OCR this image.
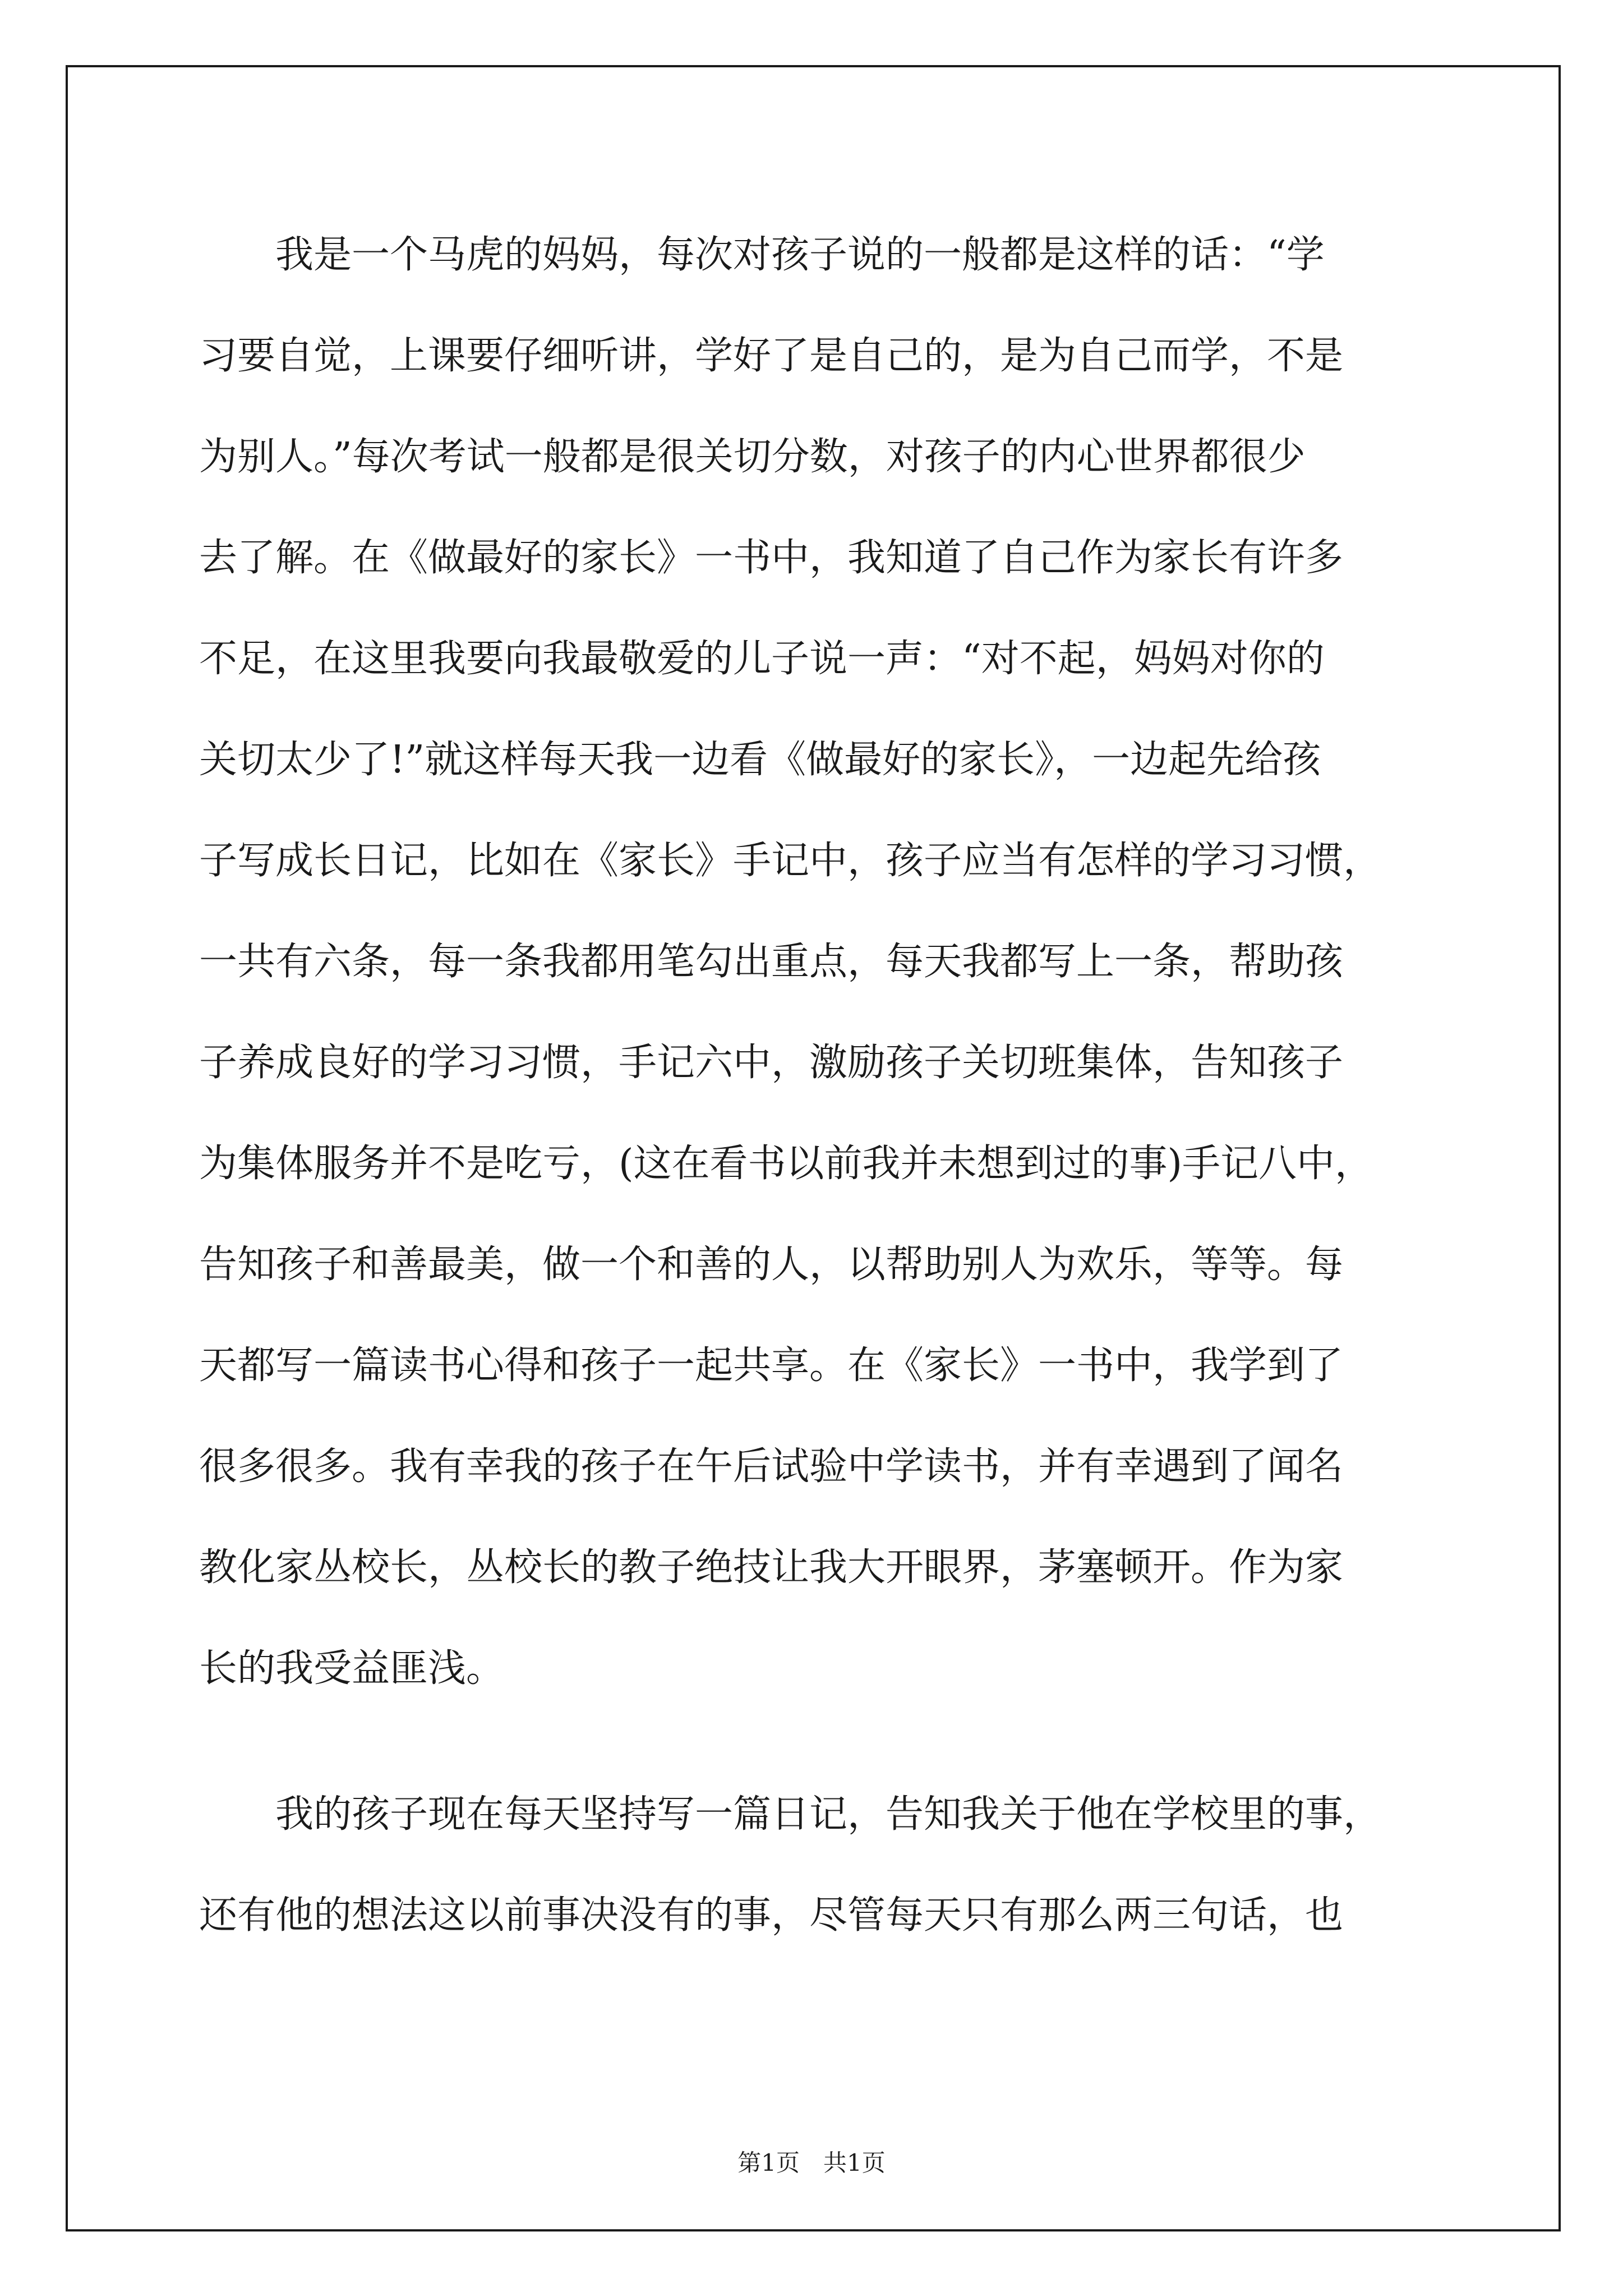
　　我是一个马虎的妈妈，每次对孩子说的一般都是这样的话：“学
习要自觉，上课要仔细听讲，学好了是自己的，是为自己而学，不是
为别人。”每次考试一般都是很关切分数，对孩子的内心世界都很少
去了解。在《做最好的家长》一书中，我知道了自己作为家长有许多
不足，在这里我要向我最敬爱的儿子说一声：“对不起，妈妈对你的
关切太少了!”就这样每天我一边看《做最好的家长》，一边起先给孩
子写成长日记，比如在《家长》手记中，孩子应当有怎样的学习习惯，
一共有六条，每一条我都用笔勾出重点，每天我都写上一条，帮助孩
子养成良好的学习习惯，手记六中，激励孩子关切班集体，告知孩子
为集体服务并不是吃亏，(这在看书以前我并未想到过的事)手记八中，
告知孩子和善最美，做一个和善的人，以帮助别人为欢乐，等等。每
天都写一篇读书心得和孩子一起共享。在《家长》一书中，我学到了
很多很多。我有幸我的孩子在午后试验中学读书，并有幸遇到了闻名
教化家丛校长，丛校长的教子绝技让我大开眼界，茅塞顿开。作为家
长的我受益匪浅。
　　我的孩子现在每天坚持写一篇日记，告知我关于他在学校里的事，
还有他的想法这以前事决没有的事，尽管每天只有那么两三句话，也
第1页　共1页
